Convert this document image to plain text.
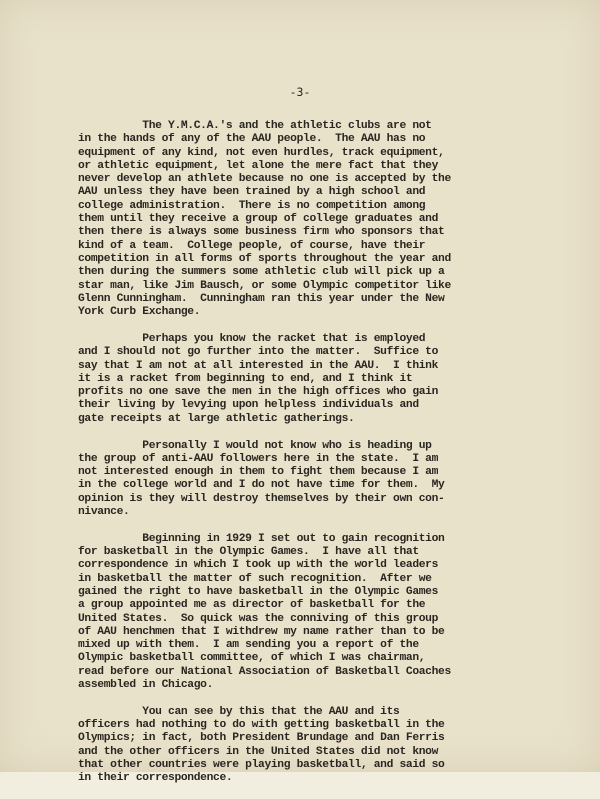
-3-
The Y.M.C.A.'s and the athletic clubs are not
in the hands of any of the AAU people.  The AAU has no
equipment of any kind, not even hurdles, track equipment,
or athletic equipment, let alone the mere fact that they
never develop an athlete because no one is accepted by the
AAU unless they have been trained by a high school and
college administration.  There is no competition among
them until they receive a group of college graduates and
then there is always some business firm who sponsors that
kind of a team.  College people, of course, have their
competition in all forms of sports throughout the year and
then during the summers some athletic club will pick up a
star man, like Jim Bausch, or some Olympic competitor like
Glenn Cunningham.  Cunningham ran this year under the New
York Curb Exchange.
Perhaps you know the racket that is employed
and I should not go further into the matter.  Suffice to
say that I am not at all interested in the AAU.  I think
it is a racket from beginning to end, and I think it
profits no one save the men in the high offices who gain
their living by levying upon helpless individuals and
gate receipts at large athletic gatherings.
Personally I would not know who is heading up
the group of anti-AAU followers here in the state.  I am
not interested enough in them to fight them because I am
in the college world and I do not have time for them.  My
opinion is they will destroy themselves by their own con-
nivance.
Beginning in 1929 I set out to gain recognition
for basketball in the Olympic Games.  I have all that
correspondence in which I took up with the world leaders
in basketball the matter of such recognition.  After we
gained the right to have basketball in the Olympic Games
a group appointed me as director of basketball for the
United States.  So quick was the conniving of this group
of AAU henchmen that I withdrew my name rather than to be
mixed up with them.  I am sending you a report of the
Olympic basketball committee, of which I was chairman,
read before our National Association of Basketball Coaches
assembled in Chicago.
You can see by this that the AAU and its
officers had nothing to do with getting basketball in the
Olympics; in fact, both President Brundage and Dan Ferris
and the other officers in the United States did not know
that other countries were playing basketball, and said so
in their correspondence.
